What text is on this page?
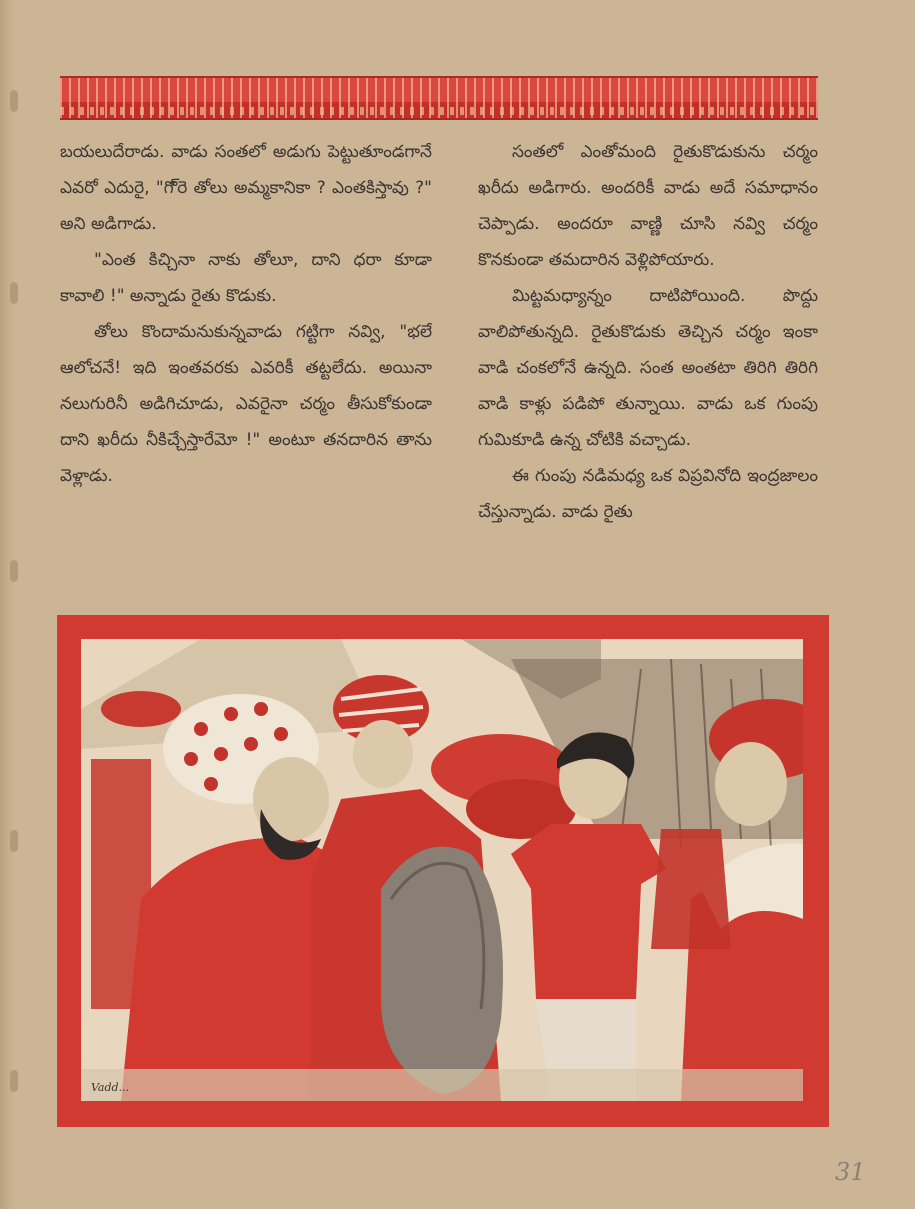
బయలుదేరాడు. వాడు సంతలో అడుగు పెట్టుతూండగానే ఎవరో ఎదురై, "గొ్రె తోలు అమ్మకానికా ? ఎంతకిస్తావు ?" అని అడిగాడు.

"ఎంత కిచ్చినా నాకు తోలూ, దాని ధరా కూడా కావాలి !" అన్నాడు రైతు కొడుకు.

తోలు కొందామనుకున్నవాడు గట్టిగా నవ్వి, "భలే ఆలోచనే! ఇది ఇంతవరకు ఎవరికీ తట్టలేదు. అయినా నలుగురినీ అడిగిచూడు, ఎవరైనా చర్మం తీసుకోకుండా దాని ఖరీదు నీకిచ్చేస్తారేమో !" అంటూ తనదారిన తాను వెళ్లాడు.

సంతలో ఎంతోమంది రైతుకొడుకును చర్మం ఖరీదు అడిగారు. అందరికీ వాడు అదే సమాధానం చెప్పాడు. అందరూ వాణ్ణి చూసి నవ్వి చర్మం కొనకుండా తమదారిన వెళ్లిపోయారు.

మిట్టమధ్యాన్నం దాటిపోయింది. పొద్దు వాలిపోతున్నది. రైతుకొడుకు తెచ్చిన చర్మం ఇంకా వాడి చంకలోనే ఉన్నది. సంత అంతటా తిరిగి తిరిగి వాడి కాళ్లు పడిపో తున్నాయి. వాడు ఒక గుంపు గుమికూడి ఉన్న చోటికి వచ్చాడు.

ఈ గుంపు నడిమధ్య ఒక విప్రవినోది ఇంద్రజాలం చేస్తున్నాడు. వాడు రైతు

Vadd...
31
